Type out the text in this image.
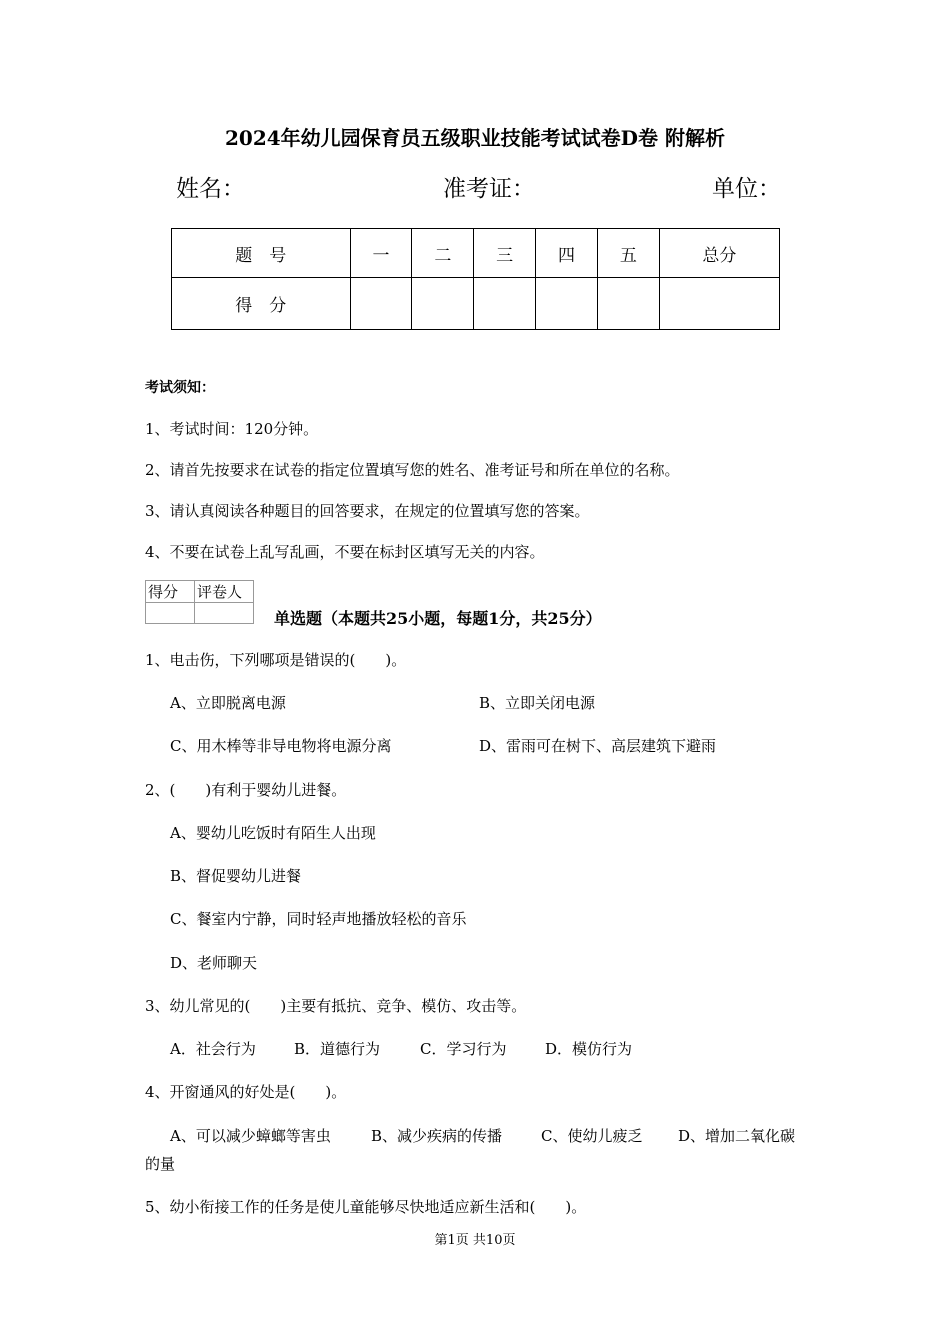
2024年幼儿园保育员五级职业技能考试试卷D卷 附解析
姓名：	准考证：	单位：
题　号	一	二	三	四	五	总分
得　分						
考试须知：
1、考试时间：120分钟。
2、请首先按要求在试卷的指定位置填写您的姓名、准考证号和所在单位的名称。
3、请认真阅读各种题目的回答要求，在规定的位置填写您的答案。
4、不要在试卷上乱写乱画，不要在标封区填写无关的内容。
得分	评卷人

单选题（本题共25小题，每题1分，共25分）
1、电击伤，下列哪项是错误的(　　)。
A、立即脱离电源	B、立即关闭电源
C、用木棒等非导电物将电源分离	D、雷雨可在树下、高层建筑下避雨
2、(　　)有利于婴幼儿进餐。
A、婴幼儿吃饭时有陌生人出现
B、督促婴幼儿进餐
C、餐室内宁静，同时轻声地播放轻松的音乐
D、老师聊天
3、幼儿常见的(　　)主要有抵抗、竞争、模仿、攻击等。
A．社会行为	B．道德行为	C．学习行为	D．模仿行为
4、开窗通风的好处是(　　)。
A、可以减少蟑螂等害虫	B、减少疾病的传播	C、使幼儿疲乏 D、增加二氧化碳
的量
5、幼小衔接工作的任务是使儿童能够尽快地适应新生活和(　　)。
第1页 共10页
